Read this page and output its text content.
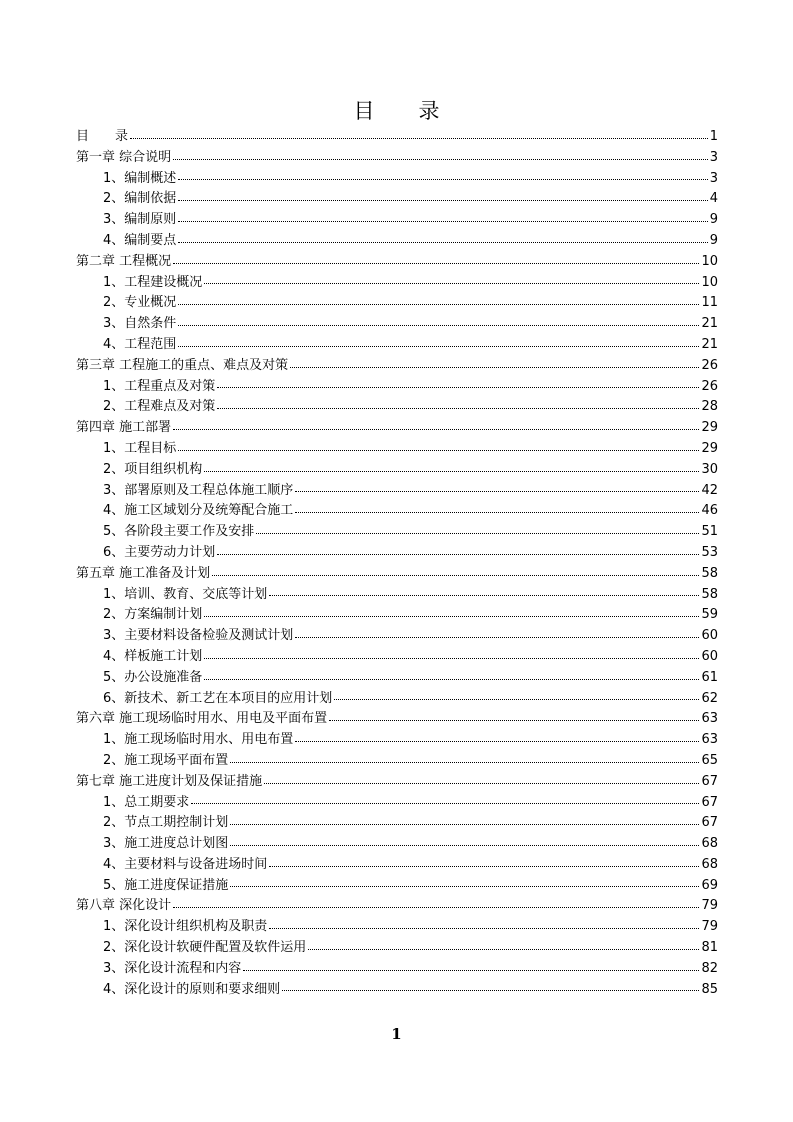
目 录
目　　录	1
第一章 综合说明	3
1、编制概述	3
2、编制依据	4
3、编制原则	9
4、编制要点	9
第二章 工程概况	10
1、工程建设概况	10
2、专业概况	11
3、自然条件	21
4、工程范围	21
第三章 工程施工的重点、难点及对策	26
1、工程重点及对策	26
2、工程难点及对策	28
第四章 施工部署	29
1、工程目标	29
2、项目组织机构	30
3、部署原则及工程总体施工顺序	42
4、施工区域划分及统筹配合施工	46
5、各阶段主要工作及安排	51
6、主要劳动力计划	53
第五章 施工准备及计划	58
1、培训、教育、交底等计划	58
2、方案编制计划	59
3、主要材料设备检验及测试计划	60
4、样板施工计划	60
5、办公设施准备	61
6、新技术、新工艺在本项目的应用计划	62
第六章 施工现场临时用水、用电及平面布置	63
1、施工现场临时用水、用电布置	63
2、施工现场平面布置	65
第七章 施工进度计划及保证措施	67
1、总工期要求	67
2、节点工期控制计划	67
3、施工进度总计划图	68
4、主要材料与设备进场时间	68
5、施工进度保证措施	69
第八章 深化设计	79
1、深化设计组织机构及职责	79
2、深化设计软硬件配置及软件运用	81
3、深化设计流程和内容	82
4、深化设计的原则和要求细则	85
1
